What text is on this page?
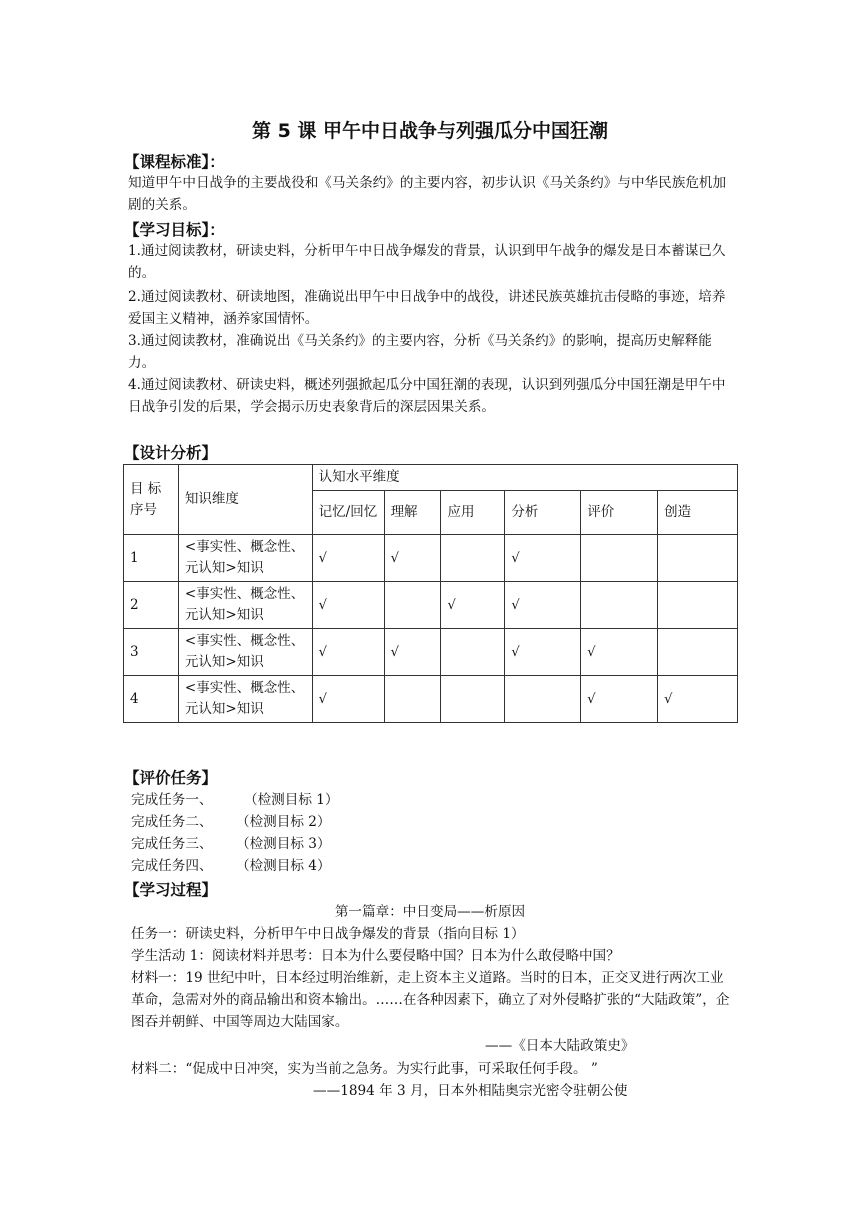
第 5 课 甲午中日战争与列强瓜分中国狂潮
【课程标准】：
知道甲午中日战争的主要战役和《马关条约》的主要内容，初步认识《马关条约》与中华民族危机加剧的关系。
【学习目标】：
1.通过阅读教材，研读史料，分析甲午中日战争爆发的背景，认识到甲午战争的爆发是日本蓄谋已久的。
2.通过阅读教材、研读地图，准确说出甲午中日战争中的战役，讲述民族英雄抗击侵略的事迹，培养爱国主义精神，涵养家国情怀。
3.通过阅读教材，准确说出《马关条约》的主要内容，分析《马关条约》的影响，提高历史解释能力。
4.通过阅读教材、研读史料，概述列强掀起瓜分中国狂潮的表现，认识到列强瓜分中国狂潮是甲午中日战争引发的后果，学会揭示历史表象背后的深层因果关系。
【设计分析】
目 标序号	知识维度	认知水平维度					
		记忆/回忆	理解	应用	分析	评价	创造
1	<事实性、概念性、元认知>知识	√	√		√		
2	<事实性、概念性、元认知>知识	√		√	√		
3	<事实性、概念性、元认知>知识	√	√		√	√	
4	<事实性、概念性、元认知>知识	√				√	√
【评价任务】
完成任务一、 （检测目标 1）
完成任务二、 （检测目标 2）
完成任务三、 （检测目标 3）
完成任务四、 （检测目标 4）
【学习过程】
第一篇章：中日变局——析原因
任务一：研读史料，分析甲午中日战争爆发的背景（指向目标 1）
学生活动 1：阅读材料并思考：日本为什么要侵略中国？日本为什么敢侵略中国？
材料一：19 世纪中叶，日本经过明治维新，走上资本主义道路。当时的日本，正交叉进行两次工业革命，急需对外的商品输出和资本输出。……在各种因素下，确立了对外侵略扩张的“大陆政策”，企图吞并朝鲜、中国等周边大陆国家。
——《日本大陆政策史》
材料二：“促成中日冲突，实为当前之急务。为实行此事，可采取任何手段。 ”
——1894 年 3 月，日本外相陆奥宗光密令驻朝公使
